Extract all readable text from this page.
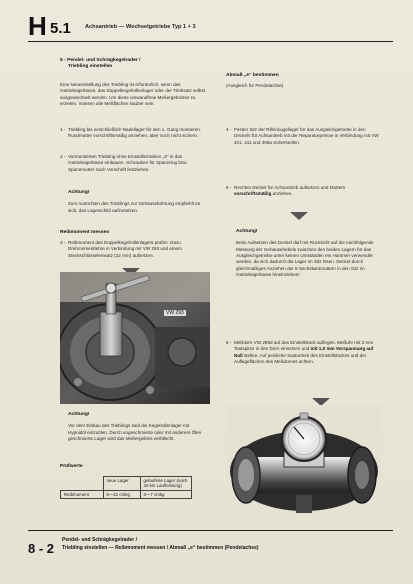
H 5.1	Achsantrieb — Wechselgetriebe Typ 1 + 3

5 - Pendel- und Schrägkegelrader /

Triebling einstellen

Eine Neueinstellung des Triebling ist erforderlich, wenn das Getriebegehäuse, das Doppelkegelrollenlager oder der Triebsatz selbst ausgewechselt werden. Um diese umwandfreie Meßergebnisse zu erzielen, müssen alle Meßflächen sauber sein.

1 - Triebling bis einschließlich Nadellager für den 1. Gang montieren. Rundmutter vorschriftsmäßig anziehen, aber noch nicht sichern.

2 - Vormontierten Triebling ohne Einstellscheiben „S“ in das Getriebegehäuse einbauen. Schrauben für Spannring bzw. Spannmutter nach Vorschrift festziehen.

Achtung!

Zum Ausrichten des Trieblings zur Gehäusebohrung empfiehlt es sich, das Lagerschild aufzusetzen.

Reibmoment messen

3 - Reibmoment des Doppelkegelrollenlagers prüfen. Dazu Drehmomentlehre in Verbindung mit VW 293 und einem Steckschlüsseleinsatz (22 mm) aufsetzen.

VW 293

Achtung!

Vor dem Einbau des Trieblings sind die Kegelrollenlager mit Hypoidöl einzuölen. Durch ungeschmierte oder mit anderem Ölen geschmierte Lager wird das Meßergebnis verfälscht.

Prüfwerte

	neue Lager	gelaufene Lager (nach 30 km Laufleistung)
Reibmoment	6—21 cmkg	3—7 cmkg

Abmaß „e“ bestimmen

(Ausgleich für Pendelachse)

4 - Festen Sitz der Rillenkugellager für das Ausgleichgetriebe in den Deckeln für Achsantrieb mit der Reparaturpresse in Verbindung mit VW 401, 411 und 408a sicherstellen.

5 - Rechten Deckel für Achsantrieb aufsetzen und Muttern vorschriftsmäßig anziehen.

Achtung!

Beim Aufsetzen des Deckel darf mit Rücksicht auf die nachfolgende Messung der Gehäusehebels zwischen den beiden Lagern für das Ausgleichgetriebe unter keinen Umständen ein Hammer verwendet werden, da sich dadurch die Lager im Sitz lösen. Deckel durch gleichmäßiges Anziehen der 8 Sechskantmuttern in den Sitz im Getriebegehäuse hineinziehen!

6 - Meßdorn VW 289d auf das Einstellstück auflegen. Meßuhr mit 3 mm Tastspitze in den Dorn einsetzen und mit 1,0 mm Vorspannung auf Null stellen. Auf peinliche Sauberkeit des Einstellstückes und der Auflageflächen des Meßdornes achten.

8 - 2
Pendel- und Schrägkegelrader /
Triebling einstellen — Reibmoment messen / Abmaß „e“ bestimmen (Pendelachse)
